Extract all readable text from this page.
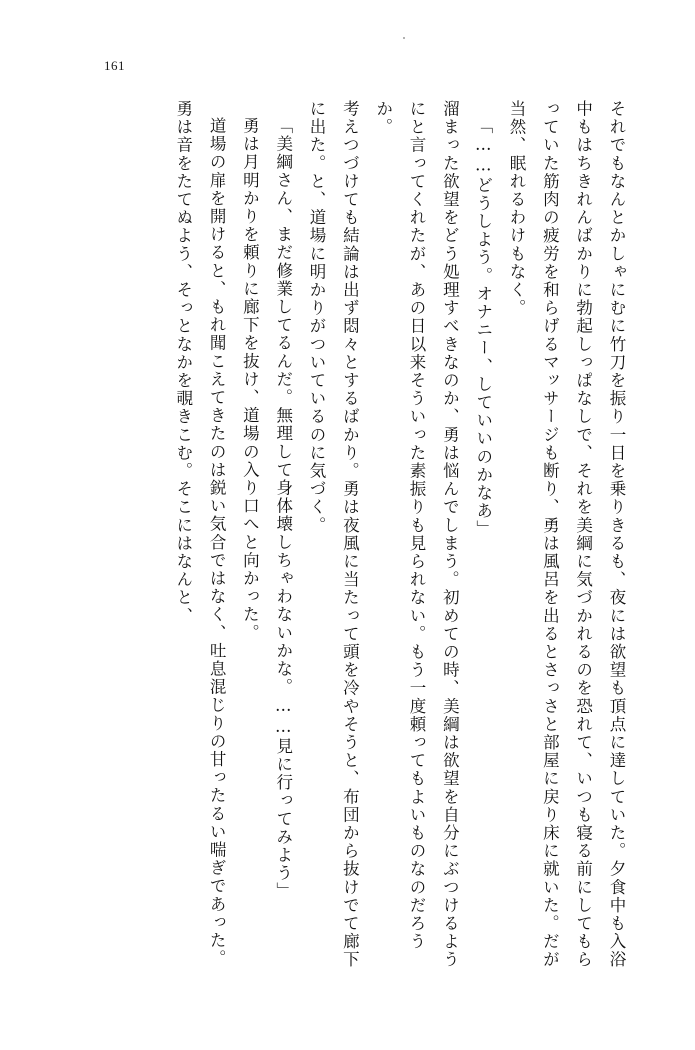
161

それでもなんとかしゃにむに竹刀を振り一日を乗りきるも、夜には欲望も頂点に達していた。夕食中も入浴中もはちきれんばかりに勃起しっぱなしで、それを美綱に気づかれるのを恐れて、いつも寝る前にしてもらっていた筋肉の疲労を和らげるマッサージも断り、勇は風呂を出るとさっさと部屋に戻り床に就いた。だが当然、眠れるわけもなく。

「……どうしよう。オナニー、していいのかなあ」

溜まった欲望をどう処理すべきなのか、勇は悩んでしまう。初めての時、美綱は欲望を自分にぶつけるようにと言ってくれたが、あの日以来そういった素振りも見られない。もう一度頼ってもよいものなのだろうか。

考えつづけても結論は出ず悶々とするばかり。勇は夜風に当たって頭を冷やそうと、布団から抜けでて廊下に出た。と、道場に明かりがついているのに気づく。

「美綱さん、まだ修業してるんだ。無理して身体壊しちゃわないかな。……見に行ってみよう」

勇は月明かりを頼りに廊下を抜け、道場の入り口へと向かった。

道場の扉を開けると、もれ聞こえてきたのは鋭い気合ではなく、吐息混じりの甘ったるい喘ぎであった。勇は音をたてぬよう、そっとなかを覗きこむ。そこにはなんと、
